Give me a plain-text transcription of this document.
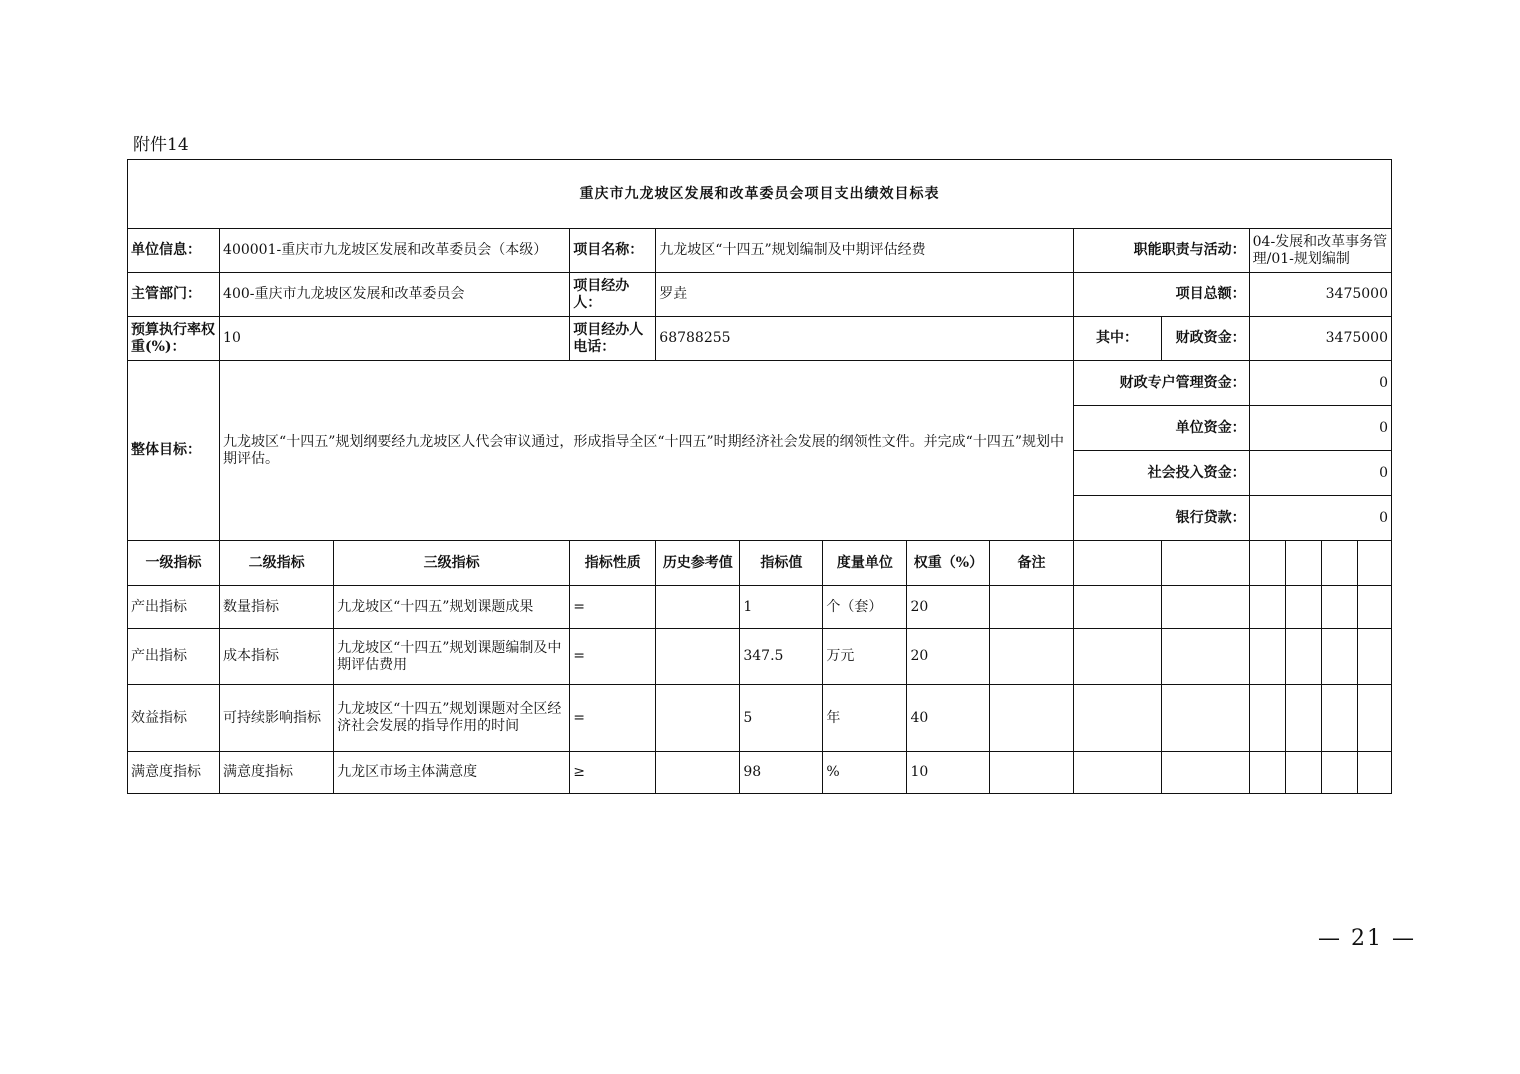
附件14
重庆市九龙坡区发展和改革委员会项目支出绩效目标表														
单位信息：	400001-重庆市九龙坡区发展和改革委员会（本级）		项目名称：	九龙坡区“十四五”规划编制及中期评估经费					职能职责与活动：		04-发展和改革事务管理/01-规划编制			
主管部门：	400-重庆市九龙坡区发展和改革委员会		项目经办人：	罗垚					项目总额：		3475000			
预算执行率权重(%)：	10		项目经办人电话：	68788255					其中：	财政资金：	3475000			
整体目标：	九龙坡区“十四五”规划纲要经九龙坡区人代会审议通过，形成指导全区“十四五”时期经济社会发展的纲领性文件。并完成“十四五”规划中期评估。								财政专户管理资金：		0			
									单位资金：		0			
									社会投入资金：		0			
									银行贷款：		0			
一级指标	二级指标	三级指标	指标性质	历史参考值	指标值	度量单位	权重（%）	备注						
产出指标	数量指标	九龙坡区“十四五”规划课题成果	=		1	个（套）	20							
产出指标	成本指标	九龙坡区“十四五”规划课题编制及中期评估费用	=		347.5	万元	20							
效益指标	可持续影响指标	九龙坡区“十四五”规划课题对全区经济社会发展的指导作用的时间	=		5	年	40							
满意度指标	满意度指标	九龙区市场主体满意度	≥		98	%	10							
— 21 —
